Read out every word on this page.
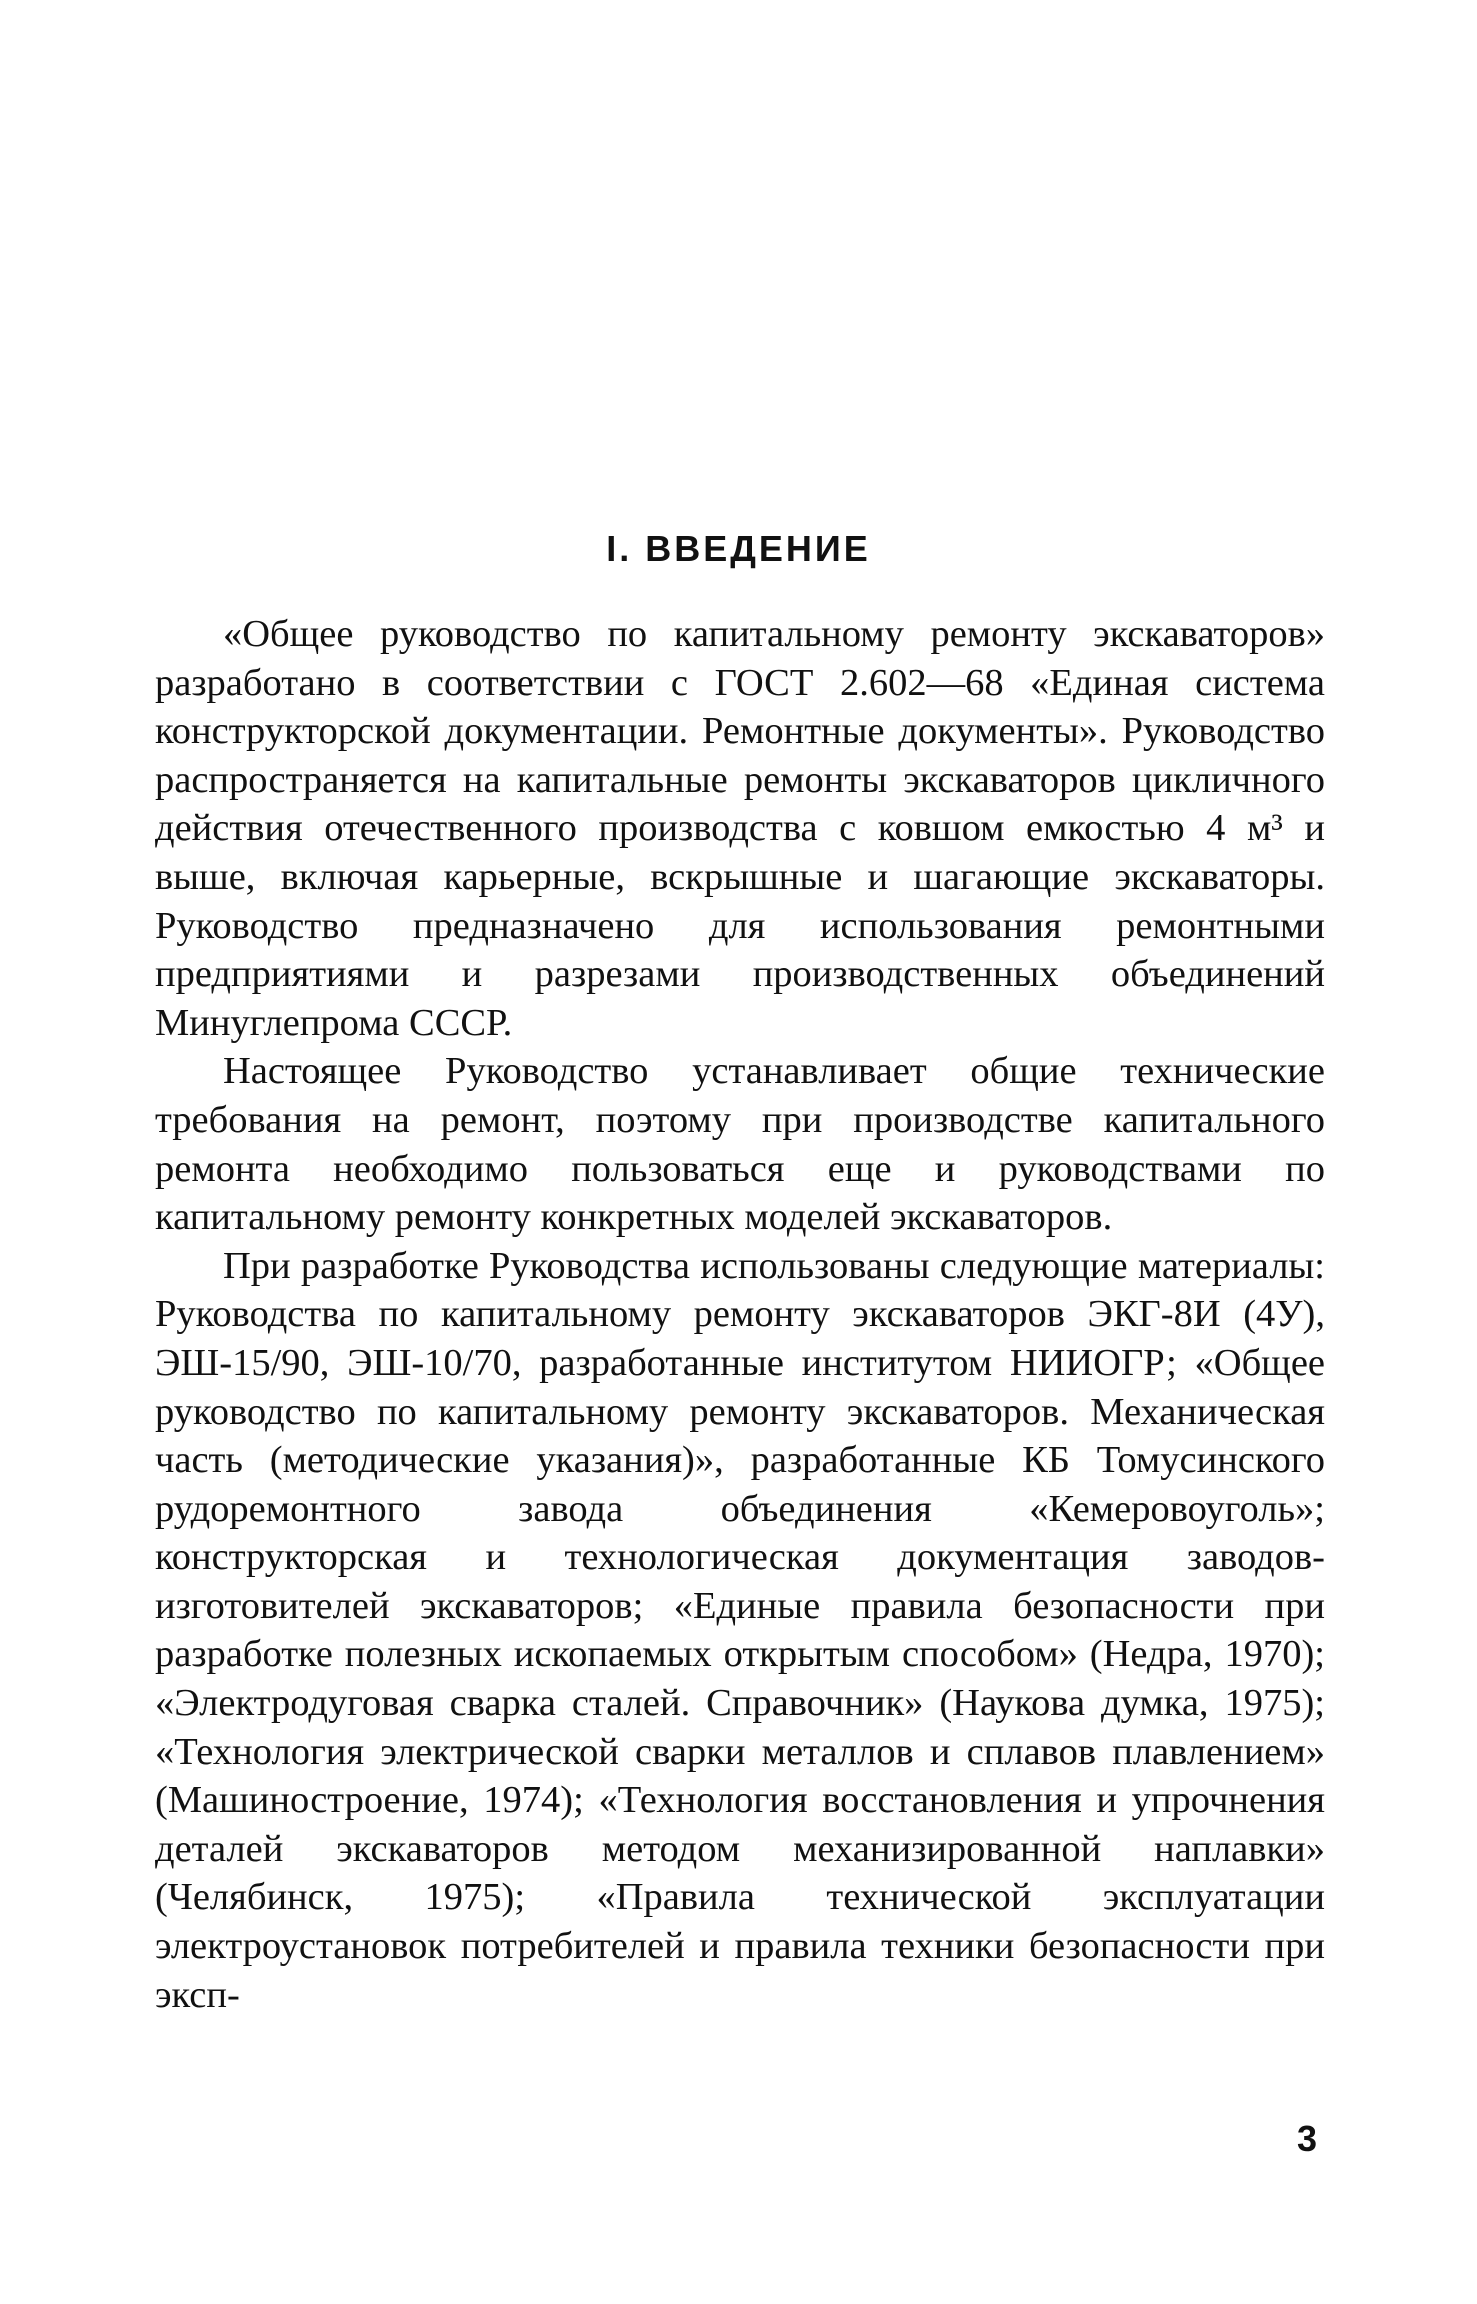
I. ВВЕДЕНИЕ

«Общее руководство по капитальному ремонту экскаваторов» разработано в соответствии с ГОСТ 2.602—68 «Единая система конструкторской документации. Ремонтные документы». Руководство распространяется на капитальные ремонты экскаваторов цикличного действия отечественного производства с ковшом емкостью 4 м³ и выше, включая карьерные, вскрышные и шагающие экскаваторы. Руководство предназначено для использования ремонтными предприятиями и разрезами производственных объединений Минуглепрома СССР.

Настоящее Руководство устанавливает общие технические требования на ремонт, поэтому при производстве капитального ремонта необходимо пользоваться еще и руководствами по капитальному ремонту конкретных моделей экскаваторов.

При разработке Руководства использованы следующие материалы: Руководства по капитальному ремонту экскаваторов ЭКГ-8И (4У), ЭШ-15/90, ЭШ-10/70, разработанные институтом НИИОГР; «Общее руководство по капитальному ремонту экскаваторов. Механическая часть (методические указания)», разработанные КБ Томусинского рудоремонтного завода объединения «Кемеровоуголь»; конструкторская и технологическая документация заводов-изготовителей экскаваторов; «Единые правила безопасности при разработке полезных ископаемых открытым способом» (Недра, 1970); «Электродуговая сварка сталей. Справочник» (Наукова думка, 1975); «Технология электрической сварки металлов и сплавов плавлением» (Машиностроение, 1974); «Технология восстановления и упрочнения деталей экскаваторов методом механизированной наплавки» (Челябинск, 1975); «Правила технической эксплуатации электроустановок потребителей и правила техники безопасности при эксп-

3
